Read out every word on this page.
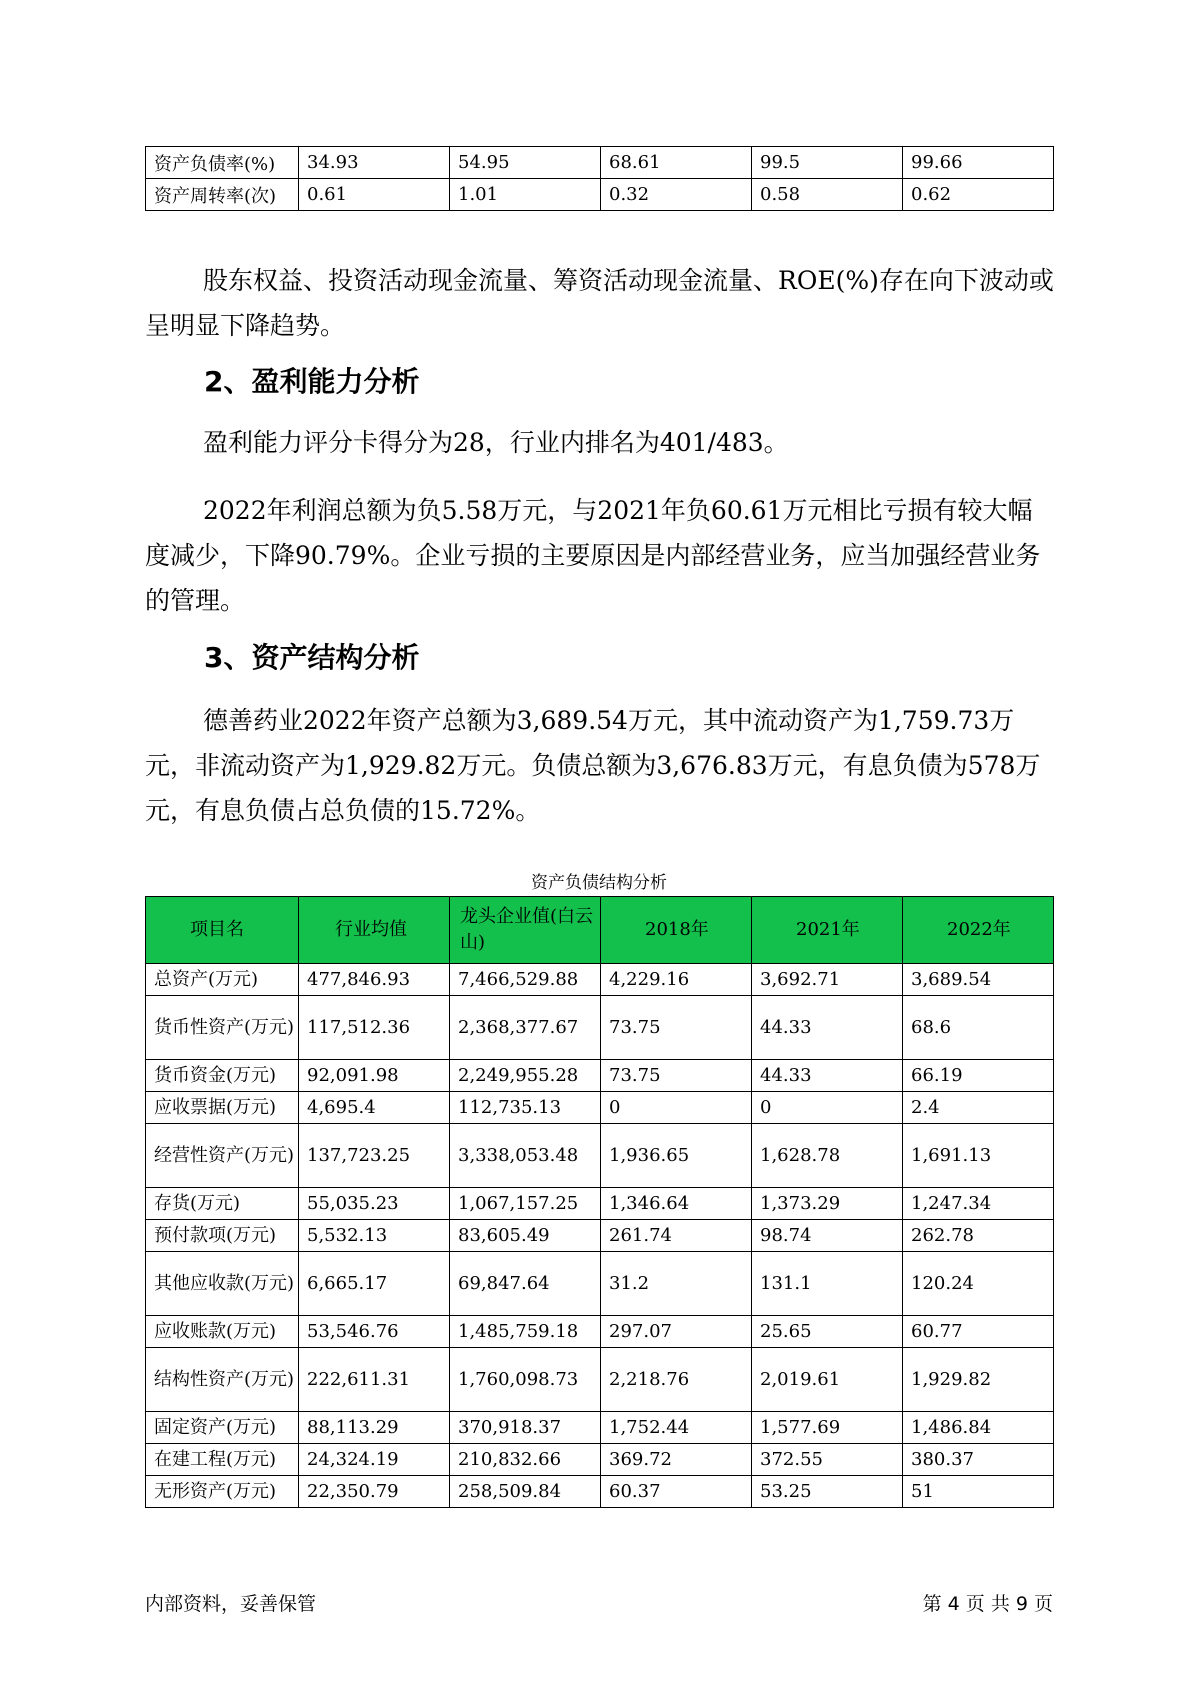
资产负债率(%)	34.93	54.95	68.61	99.5	99.66
资产周转率(次)	0.61	1.01	0.32	0.58	0.62

股东权益、投资活动现金流量、筹资活动现金流量、ROE(%)存在向下波动或呈明显下降趋势。

2、盈利能力分析

盈利能力评分卡得分为28，行业内排名为401/483。

2022年利润总额为负5.58万元，与2021年负60.61万元相比亏损有较大幅度减少，下降90.79%。企业亏损的主要原因是内部经营业务，应当加强经营业务的管理。

3、资产结构分析

德善药业2022年资产总额为3,689.54万元，其中流动资产为1,759.73万元，非流动资产为1,929.82万元。负债总额为3,676.83万元，有息负债为578万元，有息负债占总负债的15.72%。

资产负债结构分析
项目名	行业均值	龙头企业值(白云山)	2018年	2021年	2022年
总资产(万元)	477,846.93	7,466,529.88	4,229.16	3,692.71	3,689.54
货币性资产(万元)	117,512.36	2,368,377.67	73.75	44.33	68.6
货币资金(万元)	92,091.98	2,249,955.28	73.75	44.33	66.19
应收票据(万元)	4,695.4	112,735.13	0	0	2.4
经营性资产(万元)	137,723.25	3,338,053.48	1,936.65	1,628.78	1,691.13
存货(万元)	55,035.23	1,067,157.25	1,346.64	1,373.29	1,247.34
预付款项(万元)	5,532.13	83,605.49	261.74	98.74	262.78
其他应收款(万元)	6,665.17	69,847.64	31.2	131.1	120.24
应收账款(万元)	53,546.76	1,485,759.18	297.07	25.65	60.77
结构性资产(万元)	222,611.31	1,760,098.73	2,218.76	2,019.61	1,929.82
固定资产(万元)	88,113.29	370,918.37	1,752.44	1,577.69	1,486.84
在建工程(万元)	24,324.19	210,832.66	369.72	372.55	380.37
无形资产(万元)	22,350.79	258,509.84	60.37	53.25	51
内部资料，妥善保管	第 4 页 共 9 页
